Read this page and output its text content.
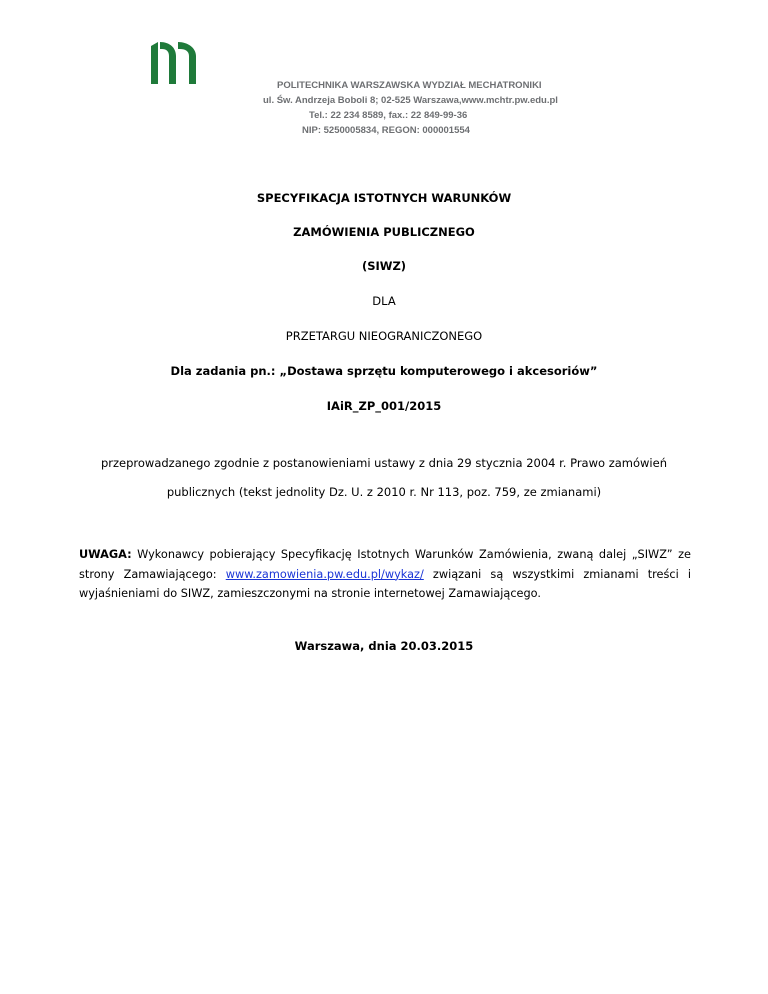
POLITECHNIKA WARSZAWSKA WYDZIAŁ MECHATRONIKI
ul. Św. Andrzeja Boboli 8; 02-525 Warszawa,www.mchtr.pw.edu.pl
Tel.: 22 234 8589, fax.: 22 849-99-36
NIP: 5250005834, REGON: 000001554
SPECYFIKACJA ISTOTNYCH WARUNKÓW
ZAMÓWIENIA PUBLICZNEGO
(SIWZ)
DLA
PRZETARGU NIEOGRANICZONEGO
Dla zadania pn.: „Dostawa sprzętu komputerowego i akcesoriów”
IAiR_ZP_001/2015
przeprowadzanego zgodnie z postanowieniami ustawy z dnia 29 stycznia 2004 r. Prawo zamówień
publicznych (tekst jednolity Dz. U. z 2010 r. Nr 113, poz. 759, ze zmianami)
UWAGA: Wykonawcy pobierający Specyfikację Istotnych Warunków Zamówienia, zwaną dalej „SIWZ” ze strony Zamawiającego: www.zamowienia.pw.edu.pl/wykaz/ związani są wszystkimi zmianami treści i wyjaśnieniami do SIWZ, zamieszczonymi na stronie internetowej Zamawiającego.
Warszawa, dnia 20.03.2015
